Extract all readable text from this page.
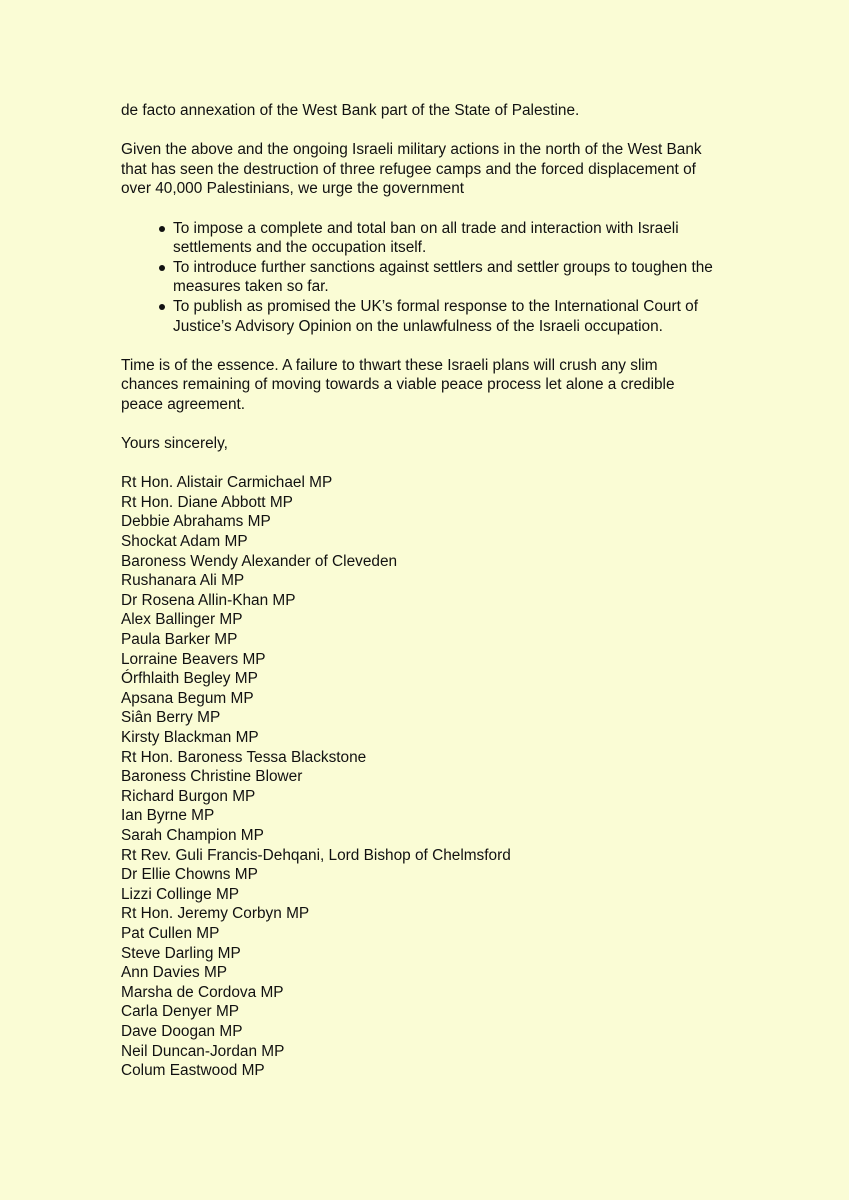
de facto annexation of the West Bank part of the State of Palestine.

Given the above and the ongoing Israeli military actions in the north of the West Bank
that has seen the destruction of three refugee camps and the forced displacement of
over 40,000 Palestinians, we urge the government

To impose a complete and total ban on all trade and interaction with Israeli
settlements and the occupation itself.
To introduce further sanctions against settlers and settler groups to toughen the
measures taken so far.
To publish as promised the UK’s formal response to the International Court of
Justice’s Advisory Opinion on the unlawfulness of the Israeli occupation.

Time is of the essence. A failure to thwart these Israeli plans will crush any slim
chances remaining of moving towards a viable peace process let alone a credible
peace agreement.

Yours sincerely,

Rt Hon. Alistair Carmichael MP
Rt Hon. Diane Abbott MP
Debbie Abrahams MP
Shockat Adam MP
Baroness Wendy Alexander of Cleveden
Rushanara Ali MP
Dr Rosena Allin-Khan MP
Alex Ballinger MP
Paula Barker MP
Lorraine Beavers MP
Órfhlaith Begley MP
Apsana Begum MP
Siân Berry MP
Kirsty Blackman MP
Rt Hon. Baroness Tessa Blackstone
Baroness Christine Blower
Richard Burgon MP
Ian Byrne MP
Sarah Champion MP
Rt Rev. Guli Francis-Dehqani, Lord Bishop of Chelmsford
Dr Ellie Chowns MP
Lizzi Collinge MP
Rt Hon. Jeremy Corbyn MP
Pat Cullen MP
Steve Darling MP
Ann Davies MP
Marsha de Cordova MP
Carla Denyer MP
Dave Doogan MP
Neil Duncan-Jordan MP
Colum Eastwood MP
